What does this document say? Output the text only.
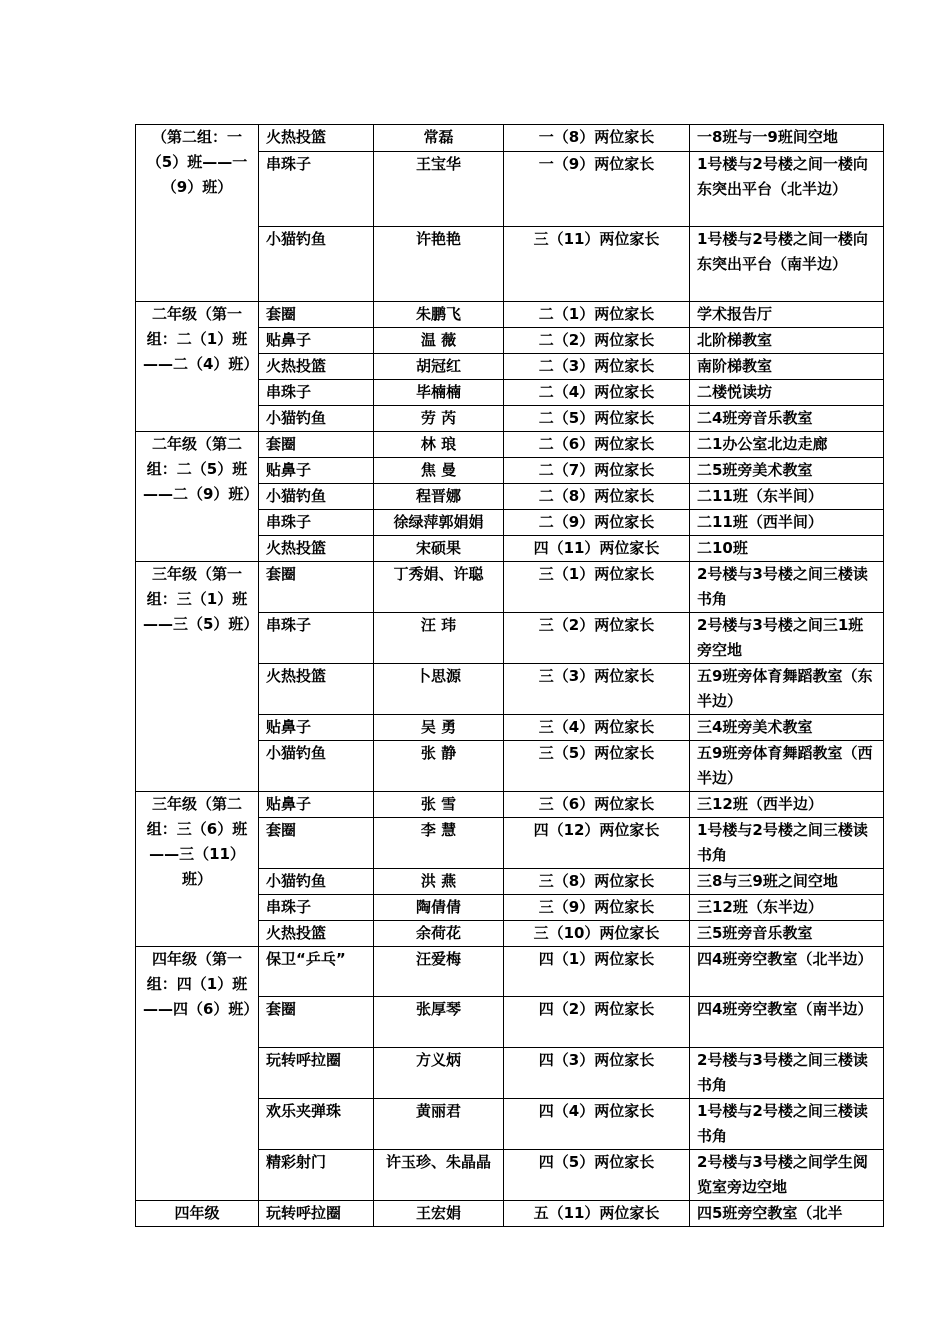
（第二组：一（5）班——一（9）班）	火热投篮	常磊	一（8）两位家长	一8班与一9班间空地
	串珠子	王宝华	一（9）两位家长	1号楼与2号楼之间一楼向东突出平台（北半边）
	小猫钓鱼	许艳艳	三（11）两位家长	1号楼与2号楼之间一楼向东突出平台（南半边）
二年级（第一组：二（1）班——二（4）班）	套圈	朱鹏飞	二（1）两位家长	学术报告厅
	贴鼻子	温 薇	二（2）两位家长	北阶梯教室
	火热投篮	胡冠红	二（3）两位家长	南阶梯教室
	串珠子	毕楠楠	二（4）两位家长	二楼悦读坊
	小猫钓鱼	劳 芮	二（5）两位家长	二4班旁音乐教室
二年级（第二组：二（5）班——二（9）班）	套圈	林 琅	二（6）两位家长	二1办公室北边走廊
	贴鼻子	焦 曼	二（7）两位家长	二5班旁美术教室
	小猫钓鱼	程晋娜	二（8）两位家长	二11班（东半间）
	串珠子	徐绿萍郭娟娟	二（9）两位家长	二11班（西半间）
	火热投篮	宋硕果	四（11）两位家长	二10班
三年级（第一组：三（1）班——三（5）班）	套圈	丁秀娟、许聪	三（1）两位家长	2号楼与3号楼之间三楼读书角
	串珠子	汪 玮	三（2）两位家长	2号楼与3号楼之间三1班旁空地
	火热投篮	卜思源	三（3）两位家长	五9班旁体育舞蹈教室（东半边）
	贴鼻子	吴 勇	三（4）两位家长	三4班旁美术教室
	小猫钓鱼	张 静	三（5）两位家长	五9班旁体育舞蹈教室（西半边）
三年级（第二组：三（6）班——三（11）班）	贴鼻子	张 雪	三（6）两位家长	三12班（西半边）
	套圈	李 慧	四（12）两位家长	1号楼与2号楼之间三楼读书角
	小猫钓鱼	洪 燕	三（8）两位家长	三8与三9班之间空地
	串珠子	陶倩倩	三（9）两位家长	三12班（东半边）
	火热投篮	余荷花	三（10）两位家长	三5班旁音乐教室
四年级（第一组：四（1）班——四（6）班）	保卫“乒乓”	汪爱梅	四（1）两位家长	四4班旁空教室（北半边）
	套圈	张厚琴	四（2）两位家长	四4班旁空教室（南半边）
	玩转呼拉圈	方义炳	四（3）两位家长	2号楼与3号楼之间三楼读书角
	欢乐夹弹珠	黄丽君	四（4）两位家长	1号楼与2号楼之间三楼读书角
	精彩射门	许玉珍、朱晶晶	四（5）两位家长	2号楼与3号楼之间学生阅览室旁边空地
四年级	玩转呼拉圈	王宏娟	五（11）两位家长	四5班旁空教室（北半
